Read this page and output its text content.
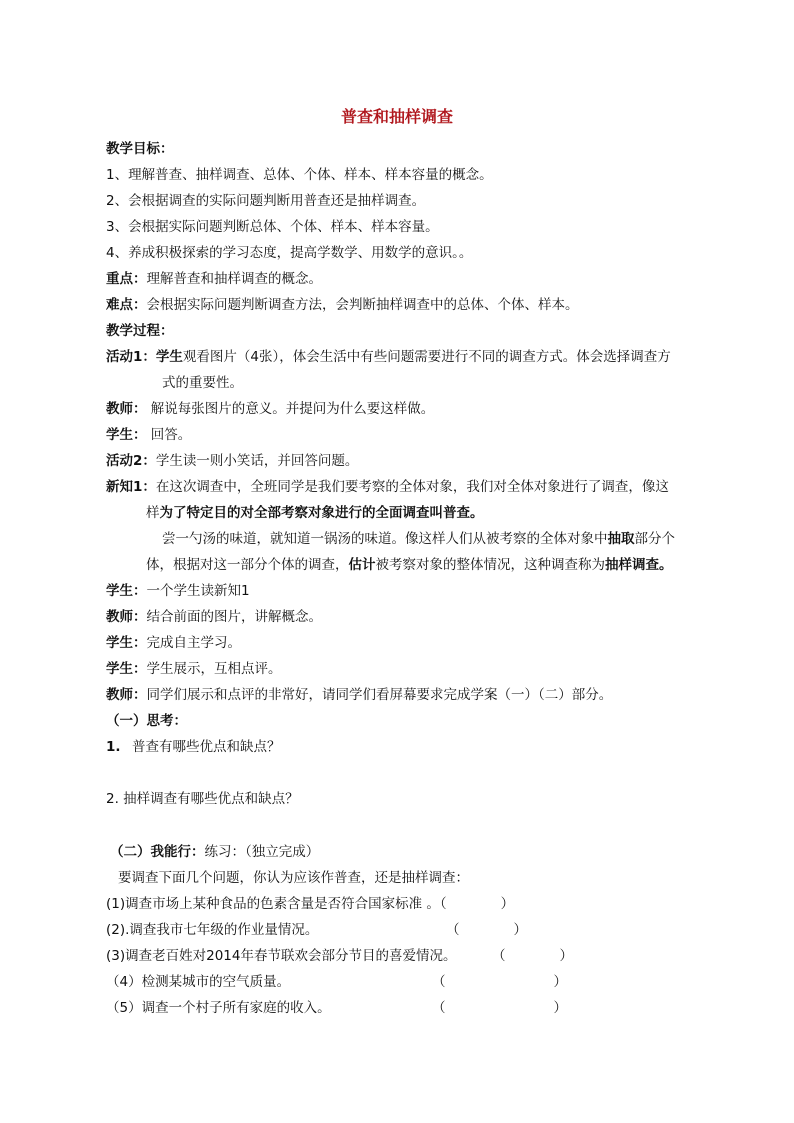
普查和抽样调查
教学目标：
1、理解普查、抽样调查、总体、个体、样本、样本容量的概念。
2、会根据调查的实际问题判断用普查还是抽样调查。
3、会根据实际问题判断总体、个体、样本、样本容量。
4、养成积极探索的学习态度，提高学数学、用数学的意识。。
重点：理解普查和抽样调查的概念。
难点：会根据实际问题判断调查方法，会判断抽样调查中的总体、个体、样本。
教学过程：
活动1：学生观看图片（4张），体会生活中有些问题需要进行不同的调查方式。体会选择调查方
式的重要性。
教师： 解说每张图片的意义。并提问为什么要这样做。
学生： 回答。
活动2：学生读一则小笑话，并回答问题。
新知1：在这次调查中，全班同学是我们要考察的全体对象，我们对全体对象进行了调查，像这
样为了特定目的对全部考察对象进行的全面调查叫普查。
尝一勺汤的味道，就知道一锅汤的味道。像这样人们从被考察的全体对象中抽取部分个
体，根据对这一部分个体的调查，估计被考察对象的整体情况，这种调查称为抽样调查。
学生：一个学生读新知1
教师：结合前面的图片，讲解概念。
学生：完成自主学习。
学生：学生展示，互相点评。
教师：同学们展示和点评的非常好，请同学们看屏幕要求完成学案（一）（二）部分。
（一）思考：
1. 普查有哪些优点和缺点？
2. 抽样调查有哪些优点和缺点？
（二）我能行：练习：（独立完成）
要调查下面几个问题，你认为应该作普查，还是抽样调查：
(1)调查市场上某种食品的色素含量是否符合国家标准 。（　　　　）
(2).调查我市七年级的作业量情况。	（　　　　）
(3)调查老百姓对2014年春节联欢会部分节目的喜爱情况。	（　　　　）
（4）检测某城市的空气质量。	（　　　　　　　　）
（5）调查一个村子所有家庭的收入。	（　　　　　　　　）
